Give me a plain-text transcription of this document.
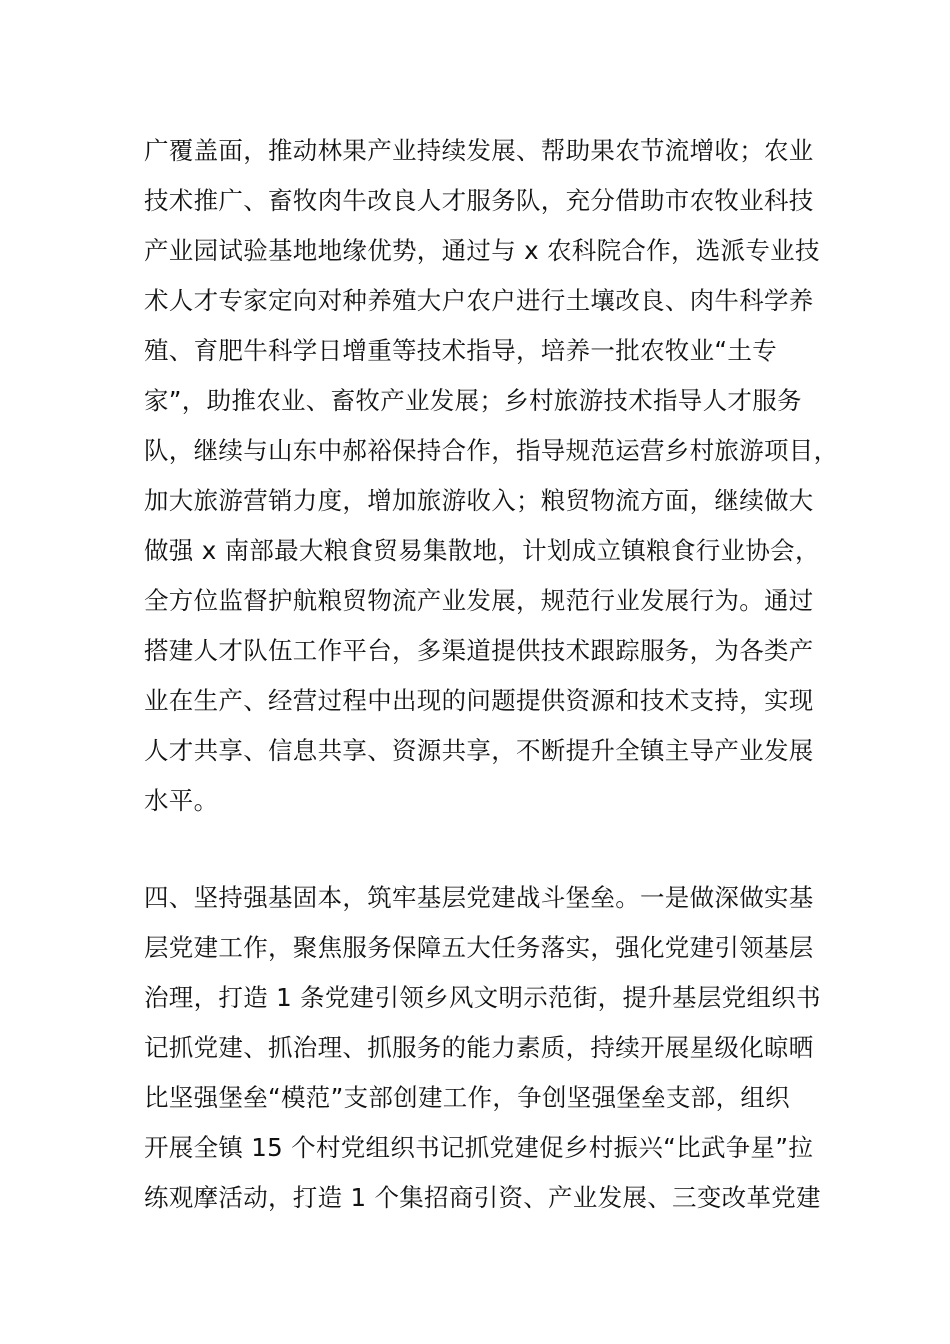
广覆盖面，推动林果产业持续发展、帮助果农节流增收；农业
技术推广、畜牧肉牛改良人才服务队，充分借助市农牧业科技
产业园试验基地地缘优势，通过与 x 农科院合作，选派专业技
术人才专家定向对种养殖大户农户进行土壤改良、肉牛科学养
殖、育肥牛科学日增重等技术指导，培养一批农牧业“土专
家”，助推农业、畜牧产业发展；乡村旅游技术指导人才服务
队，继续与山东中郝裕保持合作，指导规范运营乡村旅游项目，
加大旅游营销力度，增加旅游收入；粮贸物流方面，继续做大
做强 x 南部最大粮食贸易集散地，计划成立镇粮食行业协会，
全方位监督护航粮贸物流产业发展，规范行业发展行为。通过
搭建人才队伍工作平台，多渠道提供技术跟踪服务，为各类产
业在生产、经营过程中出现的问题提供资源和技术支持，实现
人才共享、信息共享、资源共享，不断提升全镇主导产业发展
水平。
四、坚持强基固本，筑牢基层党建战斗堡垒。一是做深做实基
层党建工作，聚焦服务保障五大任务落实，强化党建引领基层
治理，打造 1 条党建引领乡风文明示范街，提升基层党组织书
记抓党建、抓治理、抓服务的能力素质，持续开展星级化晾晒
比坚强堡垒“模范”支部创建工作，争创坚强堡垒支部，组织
开展全镇 15 个村党组织书记抓党建促乡村振兴“比武争星”拉
练观摩活动，打造 1 个集招商引资、产业发展、三变改革党建
